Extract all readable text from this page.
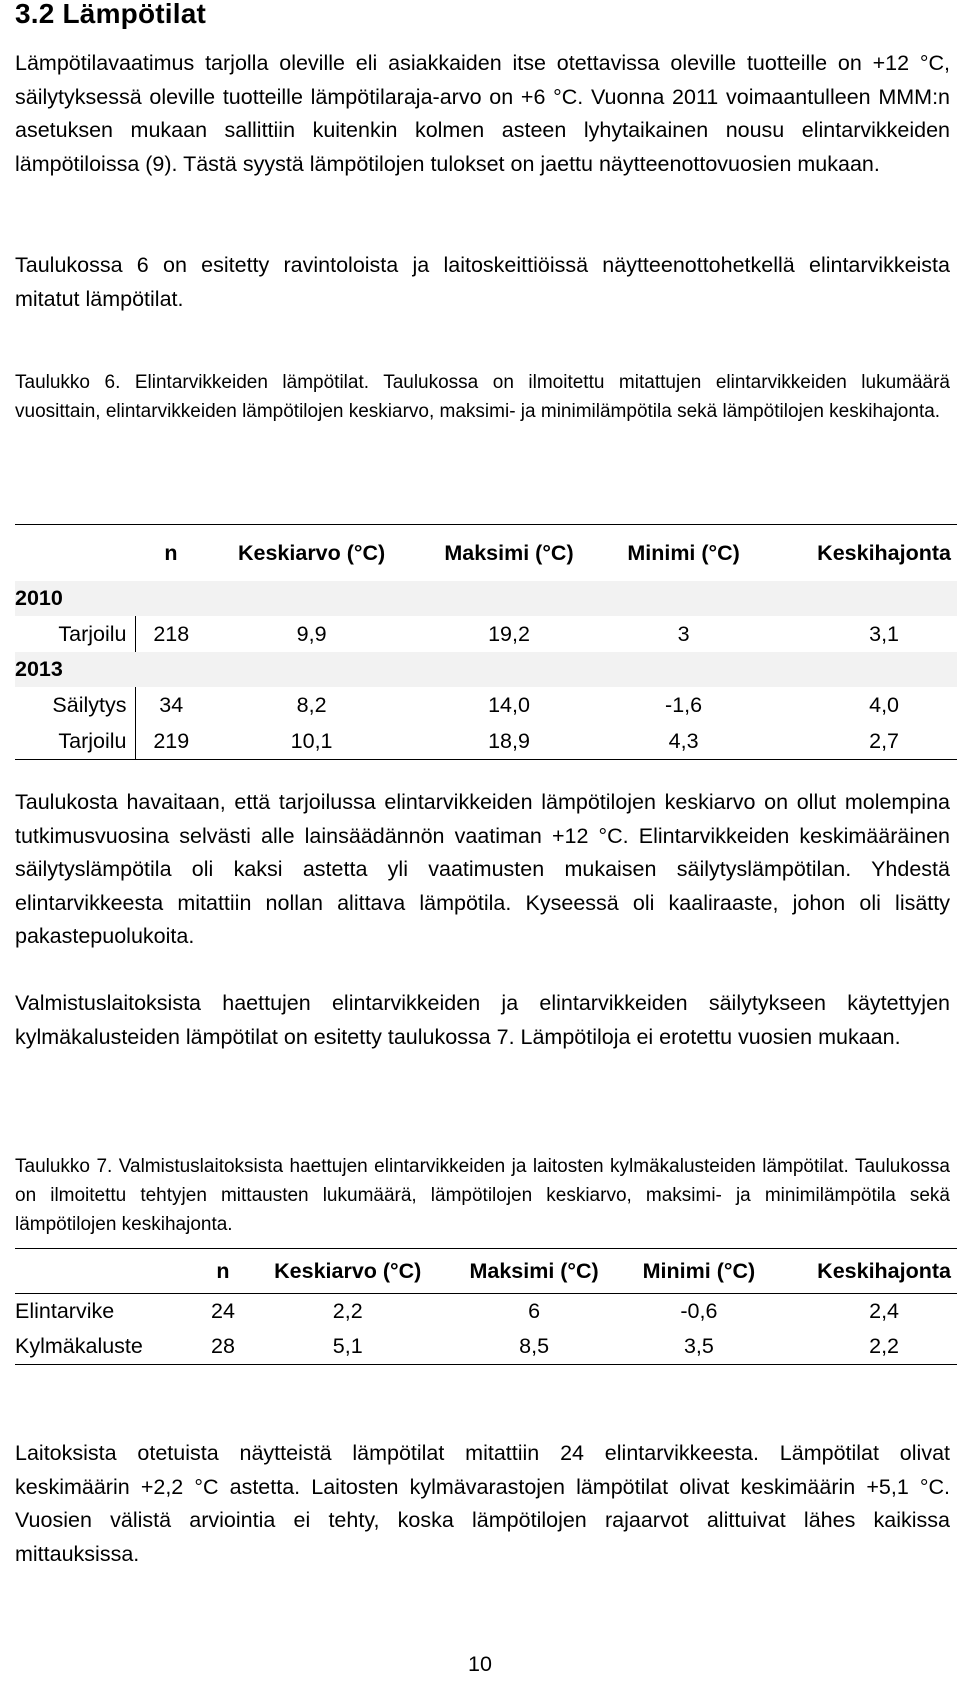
3.2 Lämpötilat

Lämpötilavaatimus tarjolla oleville eli asiakkaiden itse otettavissa oleville tuotteille on +12 °C, säilytyksessä oleville tuotteille lämpötilaraja-arvo on +6 °C. Vuonna 2011 voimaantulleen MMM:n asetuksen mukaan sallittiin kuitenkin kolmen asteen lyhytaikainen nousu elintarvikkeiden lämpötiloissa (9). Tästä syystä lämpötilojen tulokset on jaettu näytteenottovuosien mukaan.

Taulukossa 6 on esitetty ravintoloista ja laitoskeittiöissä näytteenottohetkellä elintarvikkeista mitatut lämpötilat.

Taulukko 6. Elintarvikkeiden lämpötilat. Taulukossa on ilmoitettu mitattujen elintarvikkeiden lukumäärä vuosittain, elintarvikkeiden lämpötilojen keskiarvo, maksimi- ja minimilämpötila sekä lämpötilojen keskihajonta.

	n	Keskiarvo (°C)	Maksimi (°C)	Minimi (°C)	Keskihajonta
2010					
Tarjoilu	218	9,9	19,2	3	3,1
2013					
Säilytys	34	8,2	14,0	-1,6	4,0
Tarjoilu	219	10,1	18,9	4,3	2,7

Taulukosta havaitaan, että tarjoilussa elintarvikkeiden lämpötilojen keskiarvo on ollut molempina tutkimusvuosina selvästi alle lainsäädännön vaatiman +12 °C. Elintarvikkeiden keskimääräinen säilytyslämpötila oli kaksi astetta yli vaatimusten mukaisen säilytyslämpötilan. Yhdestä elintarvikkeesta mitattiin nollan alittava lämpötila. Kyseessä oli kaaliraaste, johon oli lisätty pakastepuolukoita.

Valmistuslaitoksista haettujen elintarvikkeiden ja elintarvikkeiden säilytykseen käytettyjen kylmäkalusteiden lämpötilat on esitetty taulukossa 7. Lämpötiloja ei erotettu vuosien mukaan.

Taulukko 7. Valmistuslaitoksista haettujen elintarvikkeiden ja laitosten kylmäkalusteiden lämpötilat. Taulukossa on ilmoitettu tehtyjen mittausten lukumäärä, lämpötilojen keskiarvo, maksimi- ja minimilämpötila sekä lämpötilojen keskihajonta.

	n	Keskiarvo (°C)	Maksimi (°C)	Minimi (°C)	Keskihajonta
Elintarvike	24	2,2	6	-0,6	2,4
Kylmäkaluste	28	5,1	8,5	3,5	2,2

Laitoksista otetuista näytteistä lämpötilat mitattiin 24 elintarvikkeesta. Lämpötilat olivat keskimäärin +2,2 °C astetta. Laitosten kylmävarastojen lämpötilat olivat keskimäärin +5,1 °C. Vuosien välistä arviointia ei tehty, koska lämpötilojen rajaarvot alittuivat lähes kaikissa mittauksissa.

10
